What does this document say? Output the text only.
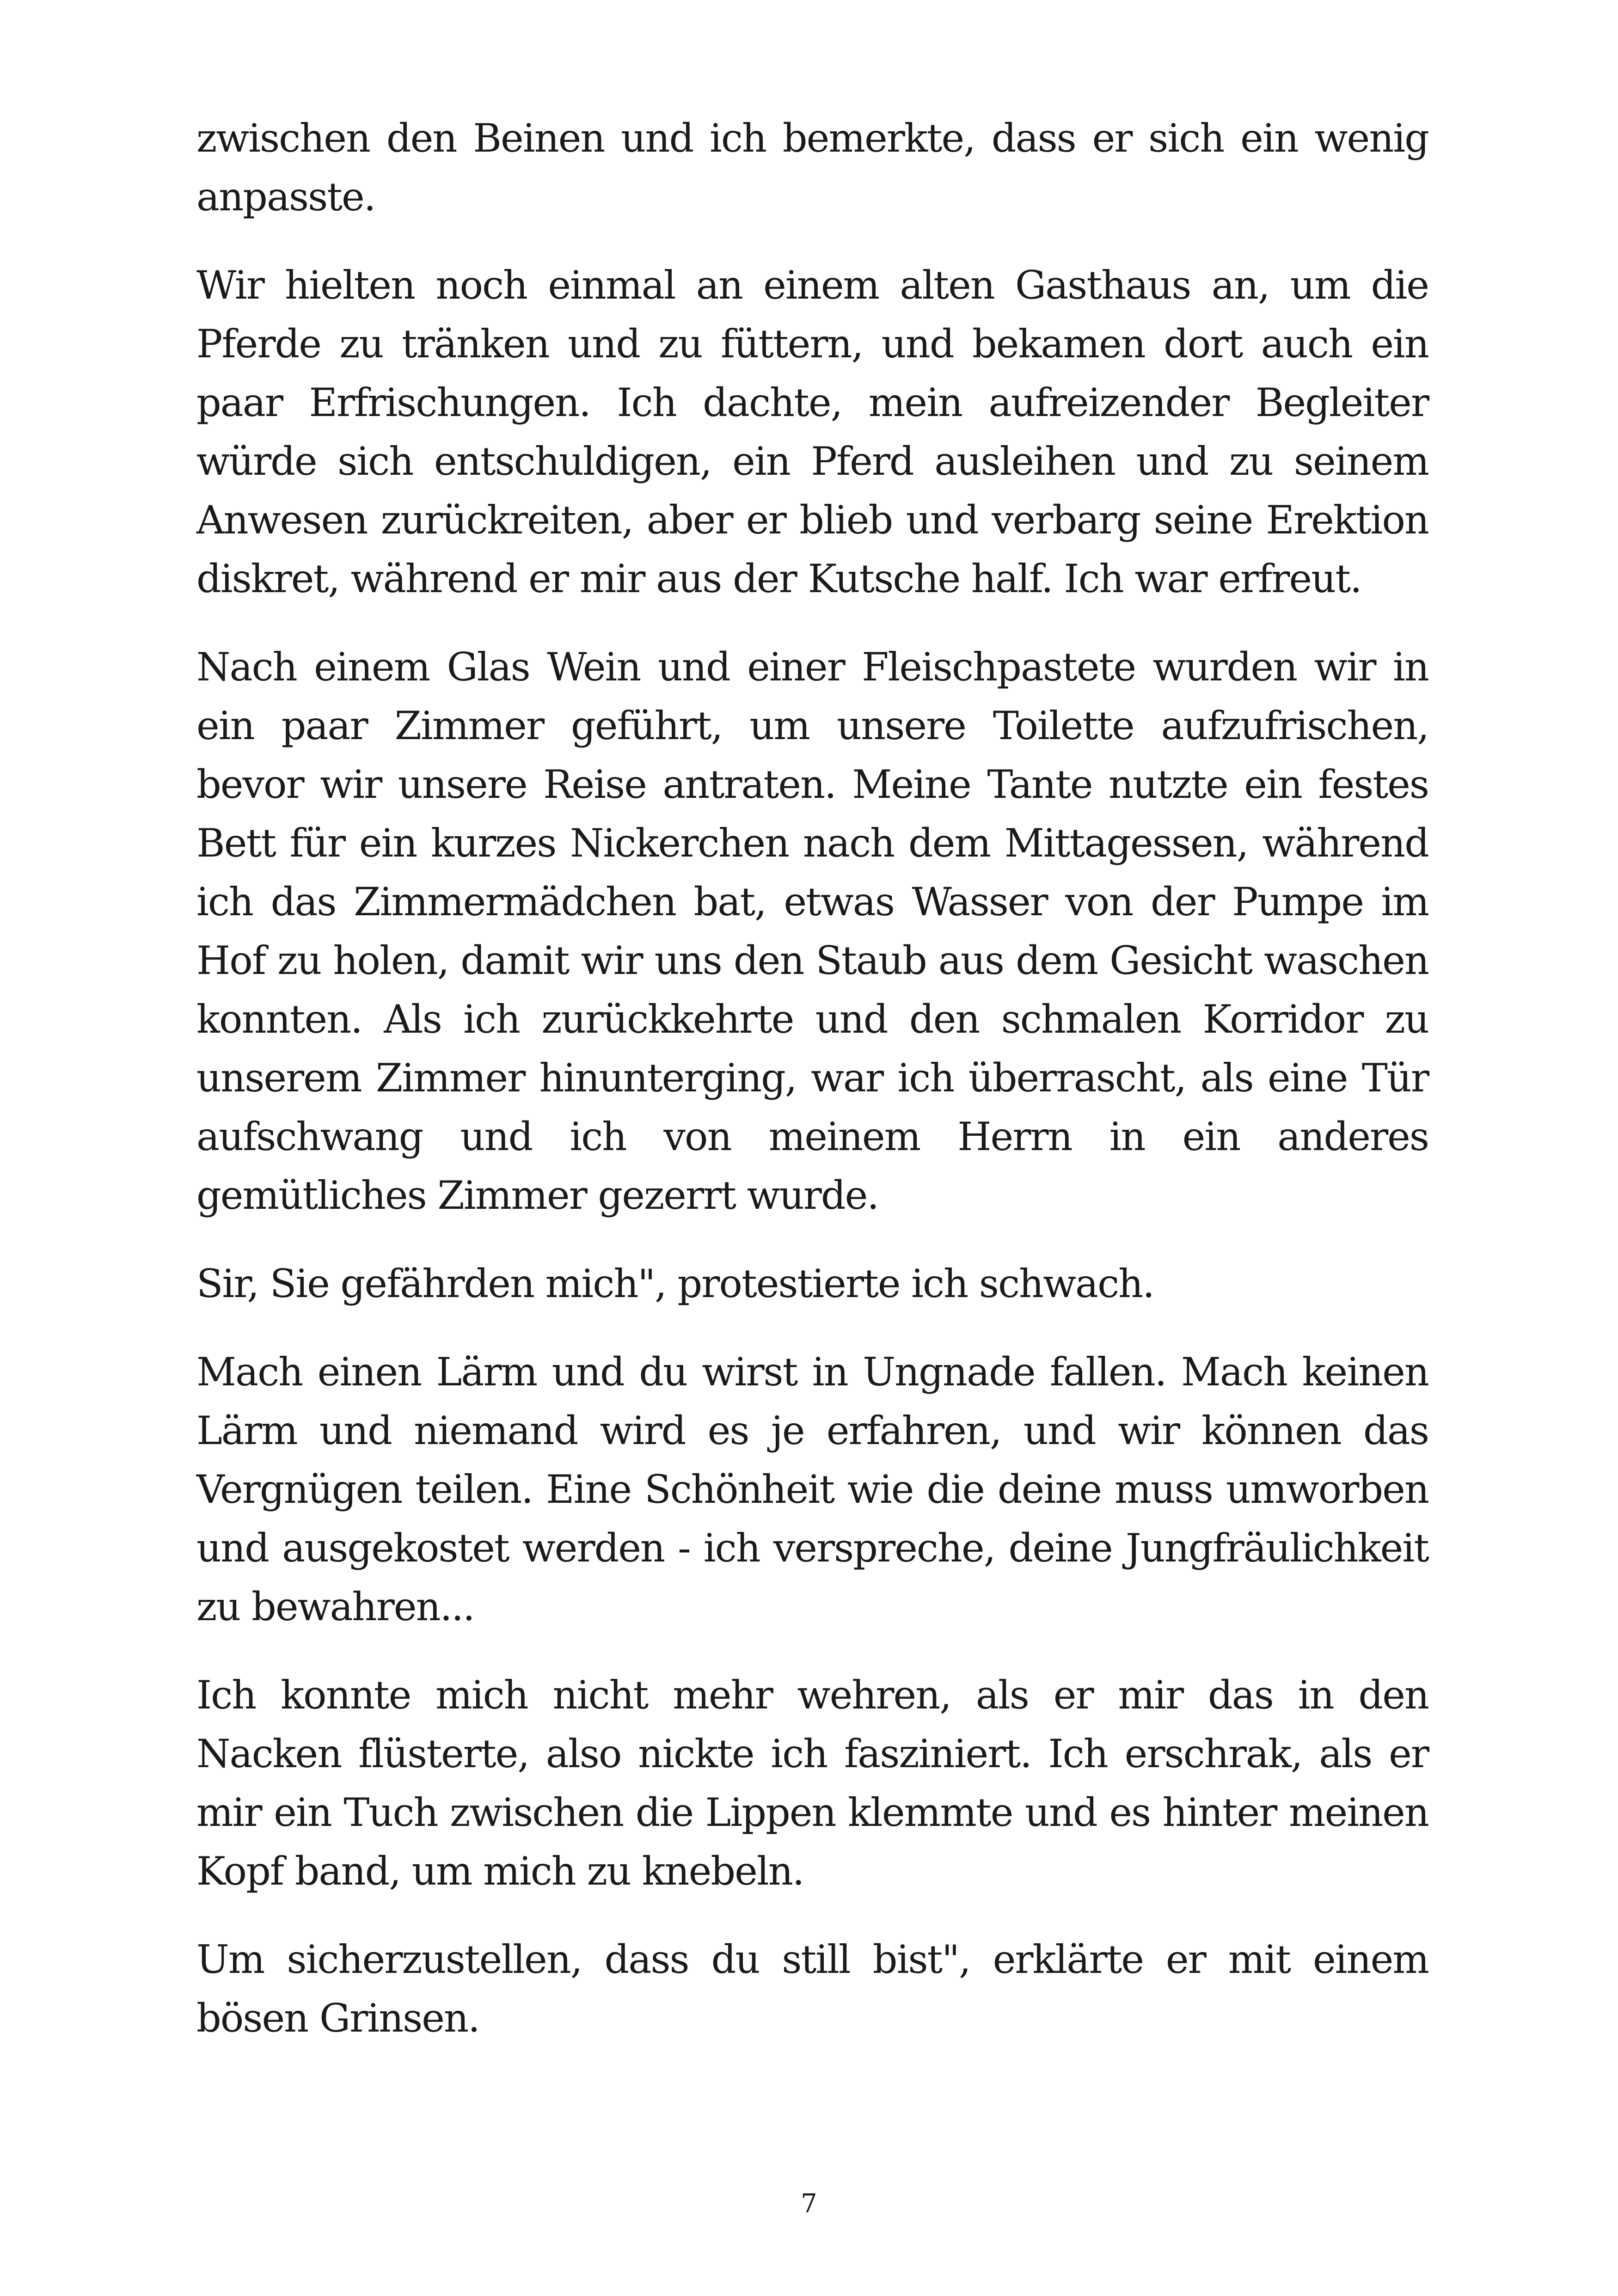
zwischen den Beinen und ich bemerkte, dass er sich ein wenig anpasste.

Wir hielten noch einmal an einem alten Gasthaus an, um die Pferde zu tränken und zu füttern, und bekamen dort auch ein paar Erfrischungen. Ich dachte, mein aufreizender Begleiter würde sich entschuldigen, ein Pferd ausleihen und zu seinem Anwesen zurückreiten, aber er blieb und verbarg seine Erektion diskret, während er mir aus der Kutsche half. Ich war erfreut.

Nach einem Glas Wein und einer Fleischpastete wurden wir in ein paar Zimmer geführt, um unsere Toilette aufzufrischen, bevor wir unsere Reise antraten. Meine Tante nutzte ein festes Bett für ein kurzes Nickerchen nach dem Mittagessen, während ich das Zimmermädchen bat, etwas Wasser von der Pumpe im Hof zu holen, damit wir uns den Staub aus dem Gesicht waschen konnten. Als ich zurückkehrte und den schmalen Korridor zu unserem Zimmer hinunterging, war ich überrascht, als eine Tür aufschwang und ich von meinem Herrn in ein anderes gemütliches Zimmer gezerrt wurde.

Sir, Sie gefährden mich", protestierte ich schwach.

Mach einen Lärm und du wirst in Ungnade fallen. Mach keinen Lärm und niemand wird es je erfahren, und wir können das Vergnügen teilen. Eine Schönheit wie die deine muss umworben und ausgekostet werden - ich verspreche, deine Jungfräulichkeit zu bewahren...

Ich konnte mich nicht mehr wehren, als er mir das in den Nacken flüsterte, also nickte ich fasziniert. Ich erschrak, als er mir ein Tuch zwischen die Lippen klemmte und es hinter meinen Kopf band, um mich zu knebeln.

Um sicherzustellen, dass du still bist", erklärte er mit einem bösen Grinsen.

7
